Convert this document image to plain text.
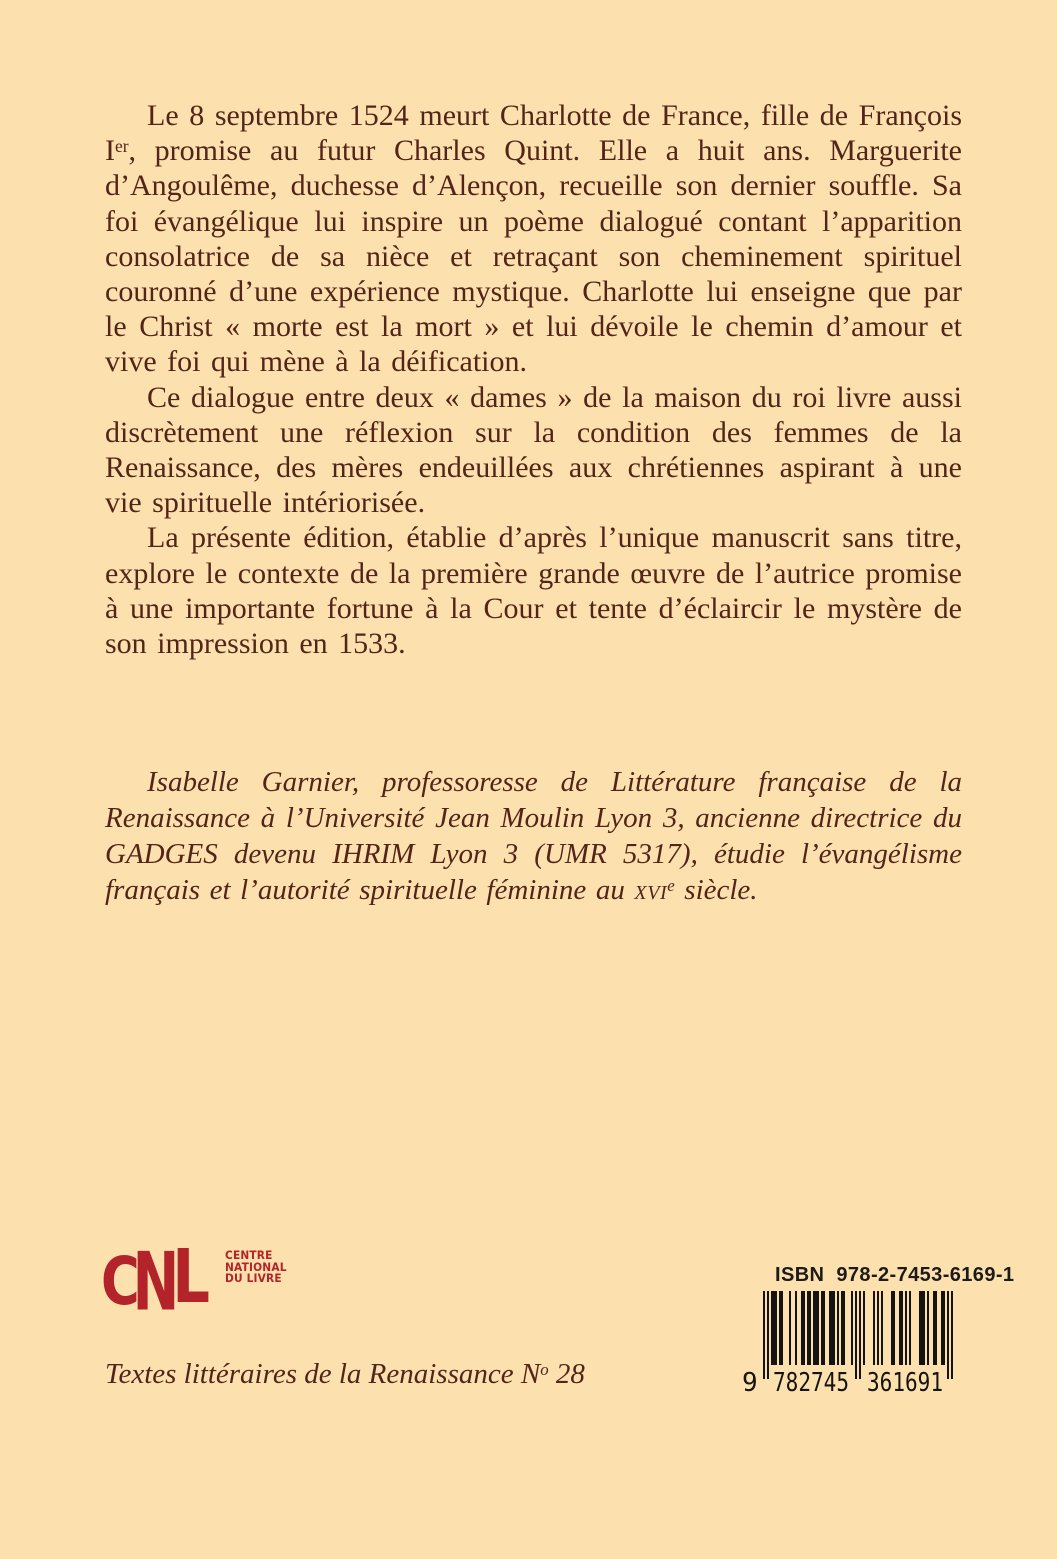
Le 8 septembre 1524 meurt Charlotte de France, fille de François Ier, promise au futur Charles Quint. Elle a huit ans. Marguerite d’Angoulême, duchesse d’Alençon, recueille son dernier souffle. Sa foi évangélique lui inspire un poème dialogué contant l’apparition consolatrice de sa nièce et retraçant son cheminement spirituel couronné d’une expérience mystique. Charlotte lui enseigne que par le Christ « morte est la mort » et lui dévoile le chemin d’amour et vive foi qui mène à la déification.

Ce dialogue entre deux « dames » de la maison du roi livre aussi discrètement une réflexion sur la condition des femmes de la Renaissance, des mères endeuillées aux chrétiennes aspirant à une vie spirituelle intériorisée.

La présente édition, établie d’après l’unique manuscrit sans titre, explore le contexte de la première grande œuvre de l’autrice promise à une importante fortune à la Cour et tente d’éclaircir le mystère de son impression en 1533.

Isabelle Garnier, professoresse de Littérature française de la Renaissance à l’Université Jean Moulin Lyon 3, ancienne directrice du GADGES devenu IHRIM Lyon 3 (UMR 5317), étudie l’évangélisme français et l’autorité spirituelle féminine au xvi$^e$ siècle.

C
N
L CENTRE
NATIONAL
DU LIVRE	ISBN 978-2-7453-6169-1
9 782745 361691

Textes littéraires de la Renaissance $N^o$ 28
